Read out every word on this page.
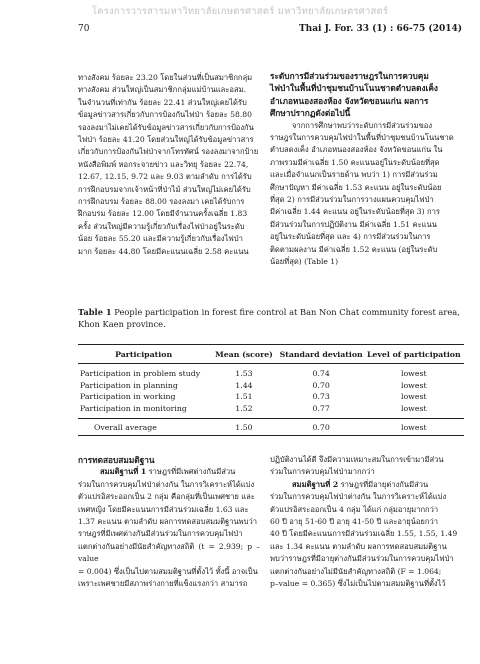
โครงการวารสารมหาวิทยาลัยเกษตรศาสตร์ มหาวิทยาลัยเกษตรศาสตร์
70	Thai J. For. 33 (1) : 66-75 (2014)

ทางสังคม ร้อยละ 23.20 โดยในส่วนที่เป็นสมาชิกกลุ่ม

ทางสังคม ส่วนใหญ่เป็นสมาชิกกลุ่มแม่บ้านและอสม.

ในจำนวนที่เท่ากัน ร้อยละ 22.41 ส่วนใหญ่เคยได้รับ

ข้อมูลข่าวสารเกี่ยวกับการป้องกันไฟป่า ร้อยละ 58.80

รองลงมาไม่เคยได้รับข้อมูลข่าวสารเกี่ยวกับการป้องกัน

ไฟป่า ร้อยละ 41.20 โดยส่วนใหญ่ได้รับข้อมูลข่าวสาร

เกี่ยวกับการป้องกันไฟป่าจากโทรทัศน์ รองลงมาจากป้าย

หนังสือพิมพ์ หอกระจายข่าว และวิทยุ ร้อยละ 22.74,

12.67, 12.15, 9.72 และ 9.03 ตามลำดับ การได้รับ

การฝึกอบรมจากเจ้าหน้าที่ป่าไม้ ส่วนใหญ่ไม่เคยได้รับ

การฝึกอบรม ร้อยละ 88.00 รองลงมา เคยได้รับการ

ฝึกอบรม ร้อยละ 12.00 โดยมีจำนวนครั้งเฉลี่ย 1.83

ครั้ง ส่วนใหญ่มีความรู้เกี่ยวกับเรื่องไฟป่าอยู่ในระดับ

น้อย ร้อยละ 55.20 และมีความรู้เกี่ยวกับเรื่องไฟป่า

มาก ร้อยละ 44.80 โดยมีคะแนนเฉลี่ย 2.58 คะแนน

ระดับการมีส่วนร่วมของราษฎรในการควบคุม

ไฟป่าในพื้นที่ป่าชุมชนบ้านโนนชาดตำบลดงเค็ง

อำเภอหนองสองห้อง จังหวัดขอนแก่น ผลการ

ศึกษาปรากฏดังต่อไปนี้

จากการศึกษาพบว่าระดับการมีส่วนร่วมของ

ราษฎรในการควบคุมไฟป่าในพื้นที่ป่าชุมชนบ้านโนนชาด

ตำบลดงเค็ง อำเภอหนองสองห้อง จังหวัดขอนแก่น ใน

ภาพรวมมีค่าเฉลี่ย 1.50 คะแนนอยู่ในระดับน้อยที่สุด

และเมื่อจำแนกเป็นรายด้าน พบว่า 1) การมีส่วนร่วม

ศึกษาปัญหา มีค่าเฉลี่ย 1.53 คะแนน อยู่ในระดับน้อย

ที่สุด 2) การมีส่วนร่วมในการวางแผนควบคุมไฟป่า

มีค่าเฉลี่ย 1.44 คะแนน อยู่ในระดับน้อยที่สุด 3) การ

มีส่วนร่วมในการปฏิบัติงาน มีค่าเฉลี่ย 1.51 คะแนน

อยู่ในระดับน้อยที่สุด และ 4) การมีส่วนร่วมในการ

ติดตามผลงาน มีค่าเฉลี่ย 1.52 คะแนน (อยู่ในระดับ

น้อยที่สุด) (Table 1)

Table 1 People participation in forest fire control at Ban Non Chat community forest area, Khon Kaen province.
Participation	Mean (score)	Standard deviation	Level of participation

Participation in problem study	1.53	0.74	lowest
Participation in planning	1.44	0.70	lowest
Participation in working	1.51	0.73	lowest
Participation in monitoring	1.52	0.77	lowest

Overall average	1.50	0.70	lowest

การทดสอบสมมติฐาน

สมมติฐานที่ 1 ราษฎรที่มีเพศต่างกันมีส่วน

ร่วมในการควบคุมไฟป่าต่างกัน ในการวิเคราะห์ได้แบ่ง

ตัวแปรอิสระออกเป็น 2 กลุ่ม คือกลุ่มที่เป็นเพศชาย และ

เพศหญิง โดยมีคะแนนการมีส่วนร่วมเฉลี่ย 1.63 และ

1.37 คะแนน ตามลำดับ ผลการทดสอบสมมติฐานพบว่า

ราษฎรที่มีเพศต่างกันมีส่วนร่วมในการควบคุมไฟป่า

แตกต่างกันอย่างมีนัยสำคัญทางสถิติ (t = 2.939; p –value

= 0.004) ซึ่งเป็นไปตามสมมติฐานที่ตั้งไว้ ทั้งนี้ อาจเป็น

เพราะเพศชายมีสภาพร่างกายที่แข็งแรงกว่า สามารถ

ปฏิบัติงานได้ดี จึงมีความเหมาะสมในการเข้ามามีส่วน

ร่วมในการควบคุมไฟป่ามากกว่า

สมมติฐานที่ 2 ราษฎรที่มีอายุต่างกันมีส่วน

ร่วมในการควบคุมไฟป่าต่างกัน ในการวิเคราะห์ได้แบ่ง

ตัวแปรอิสระออกเป็น 4 กลุ่ม ได้แก่ กลุ่มอายุมากกว่า

60 ปี อายุ 51-60 ปี อายุ 41-50 ปี และอายุน้อยกว่า

40 ปี โดยมีคะแนนการมีส่วนร่วมเฉลี่ย 1.55, 1.55, 1.49

และ 1.34 คะแนน ตามลำดับ ผลการทดสอบสมมติฐาน

พบว่าราษฎรที่มีอายุต่างกันมีส่วนร่วมในการควบคุมไฟป่า

แตกต่างกันอย่างไม่มีนัยสำคัญทางสถิติ (F = 1.064;

p–value = 0.365) ซึ่งไม่เป็นไปตามสมมติฐานที่ตั้งไว้
